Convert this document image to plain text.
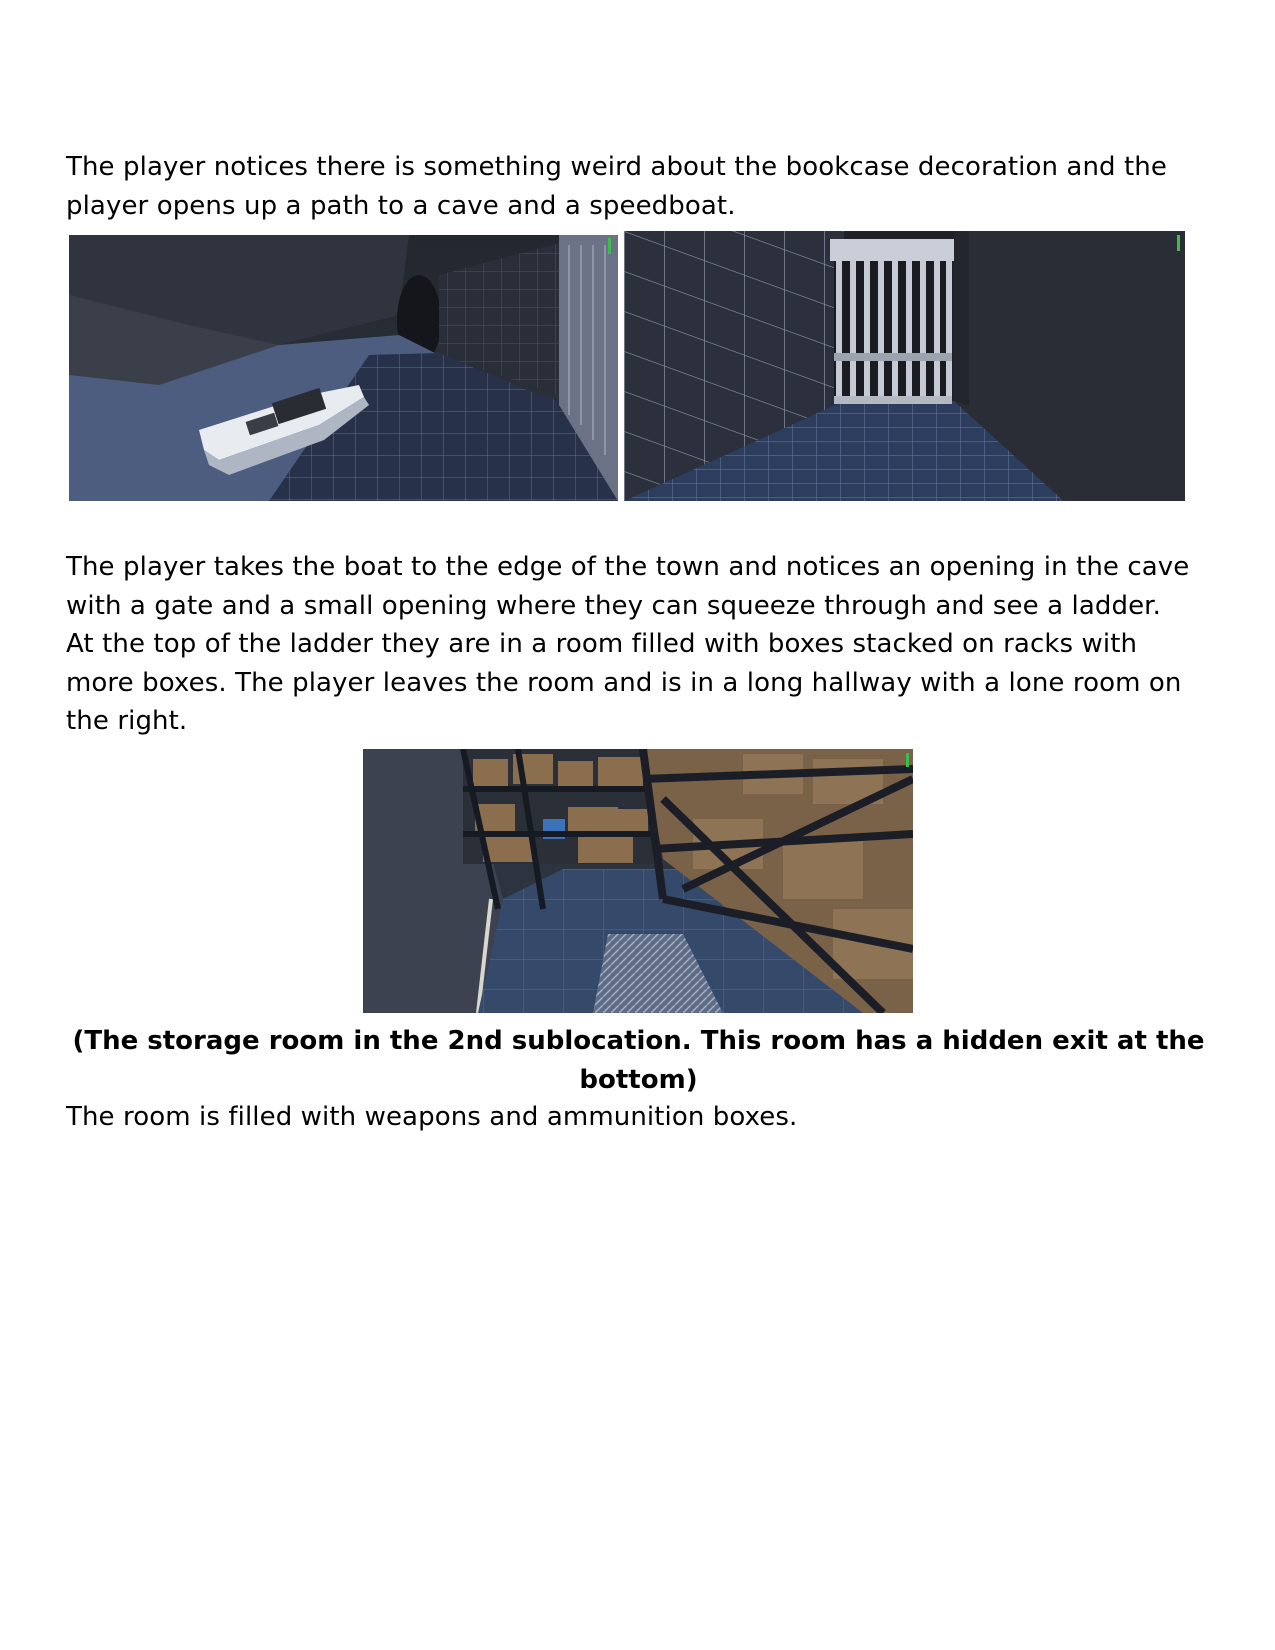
The player notices there is something weird about the bookcase decoration and the player opens up a path to a cave and a speedboat.

The player takes the boat to the edge of the town and notices an opening in the cave with a gate and a small opening where they can squeeze through and see a ladder. At the top of the ladder they are in a room filled with boxes stacked on racks with more boxes. The player leaves the room and is in a long hallway with a lone room on the right.

(The storage room in the 2nd sublocation. This room has a hidden exit at the bottom)

The room is filled with weapons and ammunition boxes.
